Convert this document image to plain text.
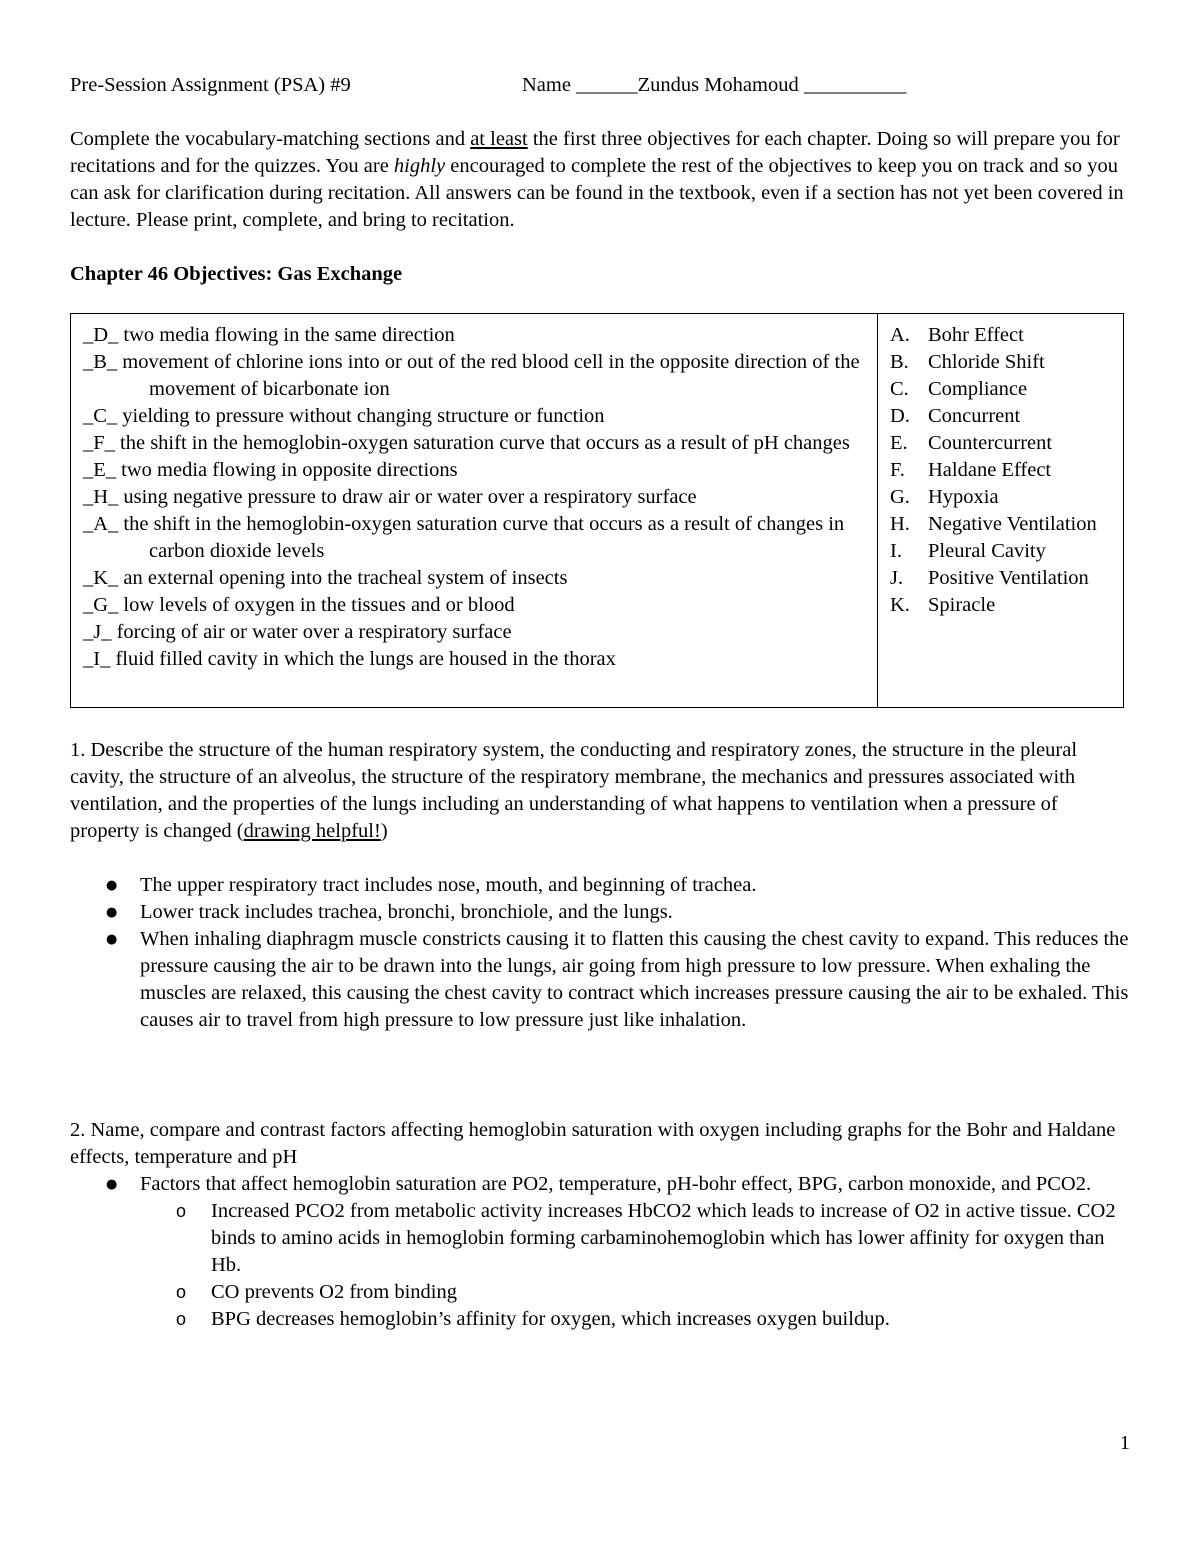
Pre-Session Assignment (PSA) #9	Name ______Zundus Mohamoud __________

Complete the vocabulary-matching sections and at least the first three objectives for each chapter. Doing so will prepare you for recitations and for the quizzes. You are highly encouraged to complete the rest of the objectives to keep you on track and so you can ask for clarification during recitation. All answers can be found in the textbook, even if a section has not yet been covered in lecture. Please print, complete, and bring to recitation.

Chapter 46 Objectives: Gas Exchange

_D_ two media flowing in the same direction

_B_ movement of chlorine ions into or out of the red blood cell in the opposite direction of the movement of bicarbonate ion

_C_ yielding to pressure without changing structure or function

_F_ the shift in the hemoglobin-oxygen saturation curve that occurs as a result of pH changes

_E_ two media flowing in opposite directions

_H_ using negative pressure to draw air or water over a respiratory surface

_A_ the shift in the hemoglobin-oxygen saturation curve that occurs as a result of changes in carbon dioxide levels

_K_ an external opening into the tracheal system of insects

_G_ low levels of oxygen in the tissues and or blood

_J_ forcing of air or water over a respiratory surface

_I_ fluid filled cavity in which the lungs are housed in the thorax

A. Bohr Effect
B. Chloride Shift
C. Compliance
D. Concurrent
E. Countercurrent
F.	Haldane Effect
G. Hypoxia
H. Negative Ventilation
I.	Pleural Cavity
J.	Positive Ventilation
K. Spiracle

1. Describe the structure of the human respiratory system, the conducting and respiratory zones, the structure in the pleural cavity, the structure of an alveolus, the structure of the respiratory membrane, the mechanics and pressures associated with ventilation, and the properties of the lungs including an understanding of what happens to ventilation when a pressure of property is changed (drawing helpful!)

● The upper respiratory tract includes nose, mouth, and beginning of trachea.
● Lower track includes trachea, bronchi, bronchiole, and the lungs.
● When inhaling diaphragm muscle constricts causing it to flatten this causing the chest cavity to expand. This reduces the pressure causing the air to be drawn into the lungs, air going from high pressure to low pressure. When exhaling the muscles are relaxed, this causing the chest cavity to contract which increases pressure causing the air to be exhaled. This causes air to travel from high pressure to low pressure just like inhalation.

2. Name, compare and contrast factors affecting hemoglobin saturation with oxygen including graphs for the Bohr and Haldane effects, temperature and pH

● Factors that affect hemoglobin saturation are PO2, temperature, pH-bohr effect, BPG, carbon monoxide, and PCO2.
o Increased PCO2 from metabolic activity increases HbCO2 which leads to increase of O2 in active tissue. CO2 binds to amino acids in hemoglobin forming carbaminohemoglobin which has lower affinity for oxygen than Hb.
o CO prevents O2 from binding
o BPG decreases hemoglobin’s affinity for oxygen, which increases oxygen buildup.

1
